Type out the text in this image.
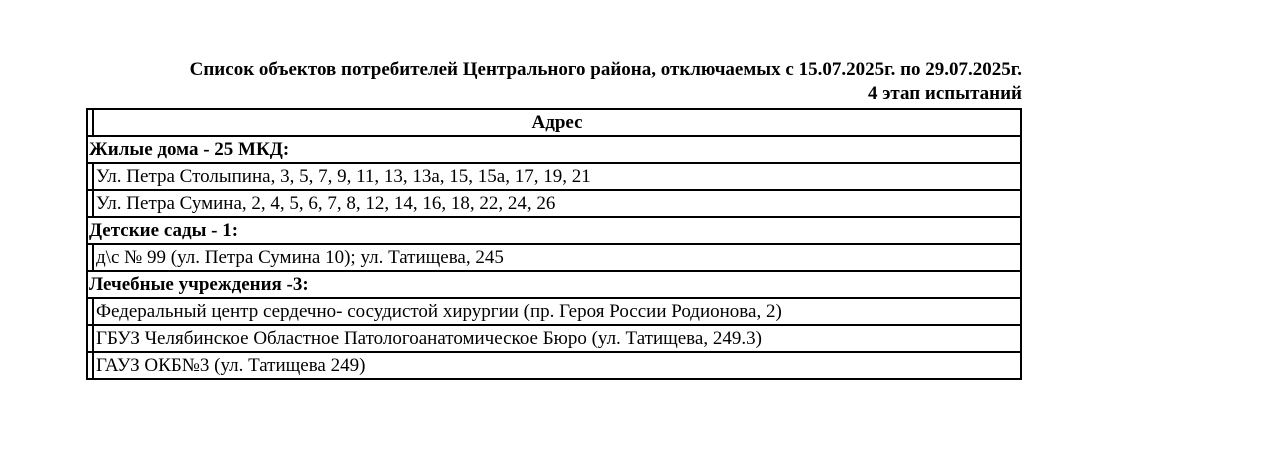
Список объектов потребителей Центрального района, отключаемых с 15.07.2025г. по 29.07.2025г.

4 этап испытаний

	Адрес
Жилые дома - 25 МКД:	
	Ул. Петра Столыпина, 3, 5, 7, 9, 11, 13, 13а, 15, 15а, 17, 19, 21
	Ул. Петра Сумина, 2, 4, 5, 6, 7, 8, 12, 14, 16, 18, 22, 24, 26
Детские сады - 1:	
	д\с № 99 (ул. Петра Сумина 10); ул. Татищева, 245
Лечебные учреждения -3:	
	Федеральный центр сердечно- сосудистой хирургии (пр. Героя России Родионова, 2)
	ГБУЗ Челябинское Областное Патологоанатомическое Бюро (ул. Татищева, 249.3)
	ГАУЗ ОКБ№3 (ул. Татищева 249)
